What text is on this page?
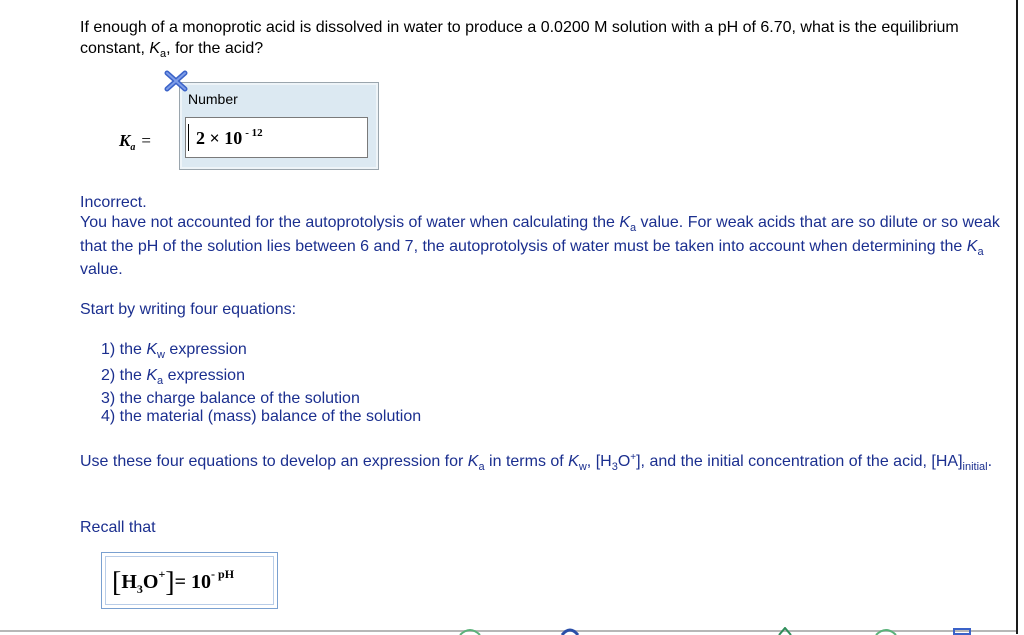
If enough of a monoprotic acid is dissolved in water to produce a 0.0200 M solution with a pH of 6.70, what is the equilibrium constant, $K_a$, for the acid?
Number
$K_a$ =	2 × 10 $^{- 12}$
Incorrect.
You have not accounted for the autoprotolysis of water when calculating the $K_a$ value. For weak acids that are so dilute or so weak that the pH of the solution lies between 6 and 7, the autoprotolysis of water must be taken into account when determining the $K_a$ value.
Start by writing four equations:
1) the $K_w$ expression
2) the $K_a$ expression
3) the charge balance of the solution
4) the material (mass) balance of the solution
Use these four equations to develop an expression for $K_a$ in terms of $K_w$, $[H_3O^+]$, and the initial concentration of the acid, $[HA]_{initial}$.
Recall that
$[H_3O^+]= 10^{- pH}$
